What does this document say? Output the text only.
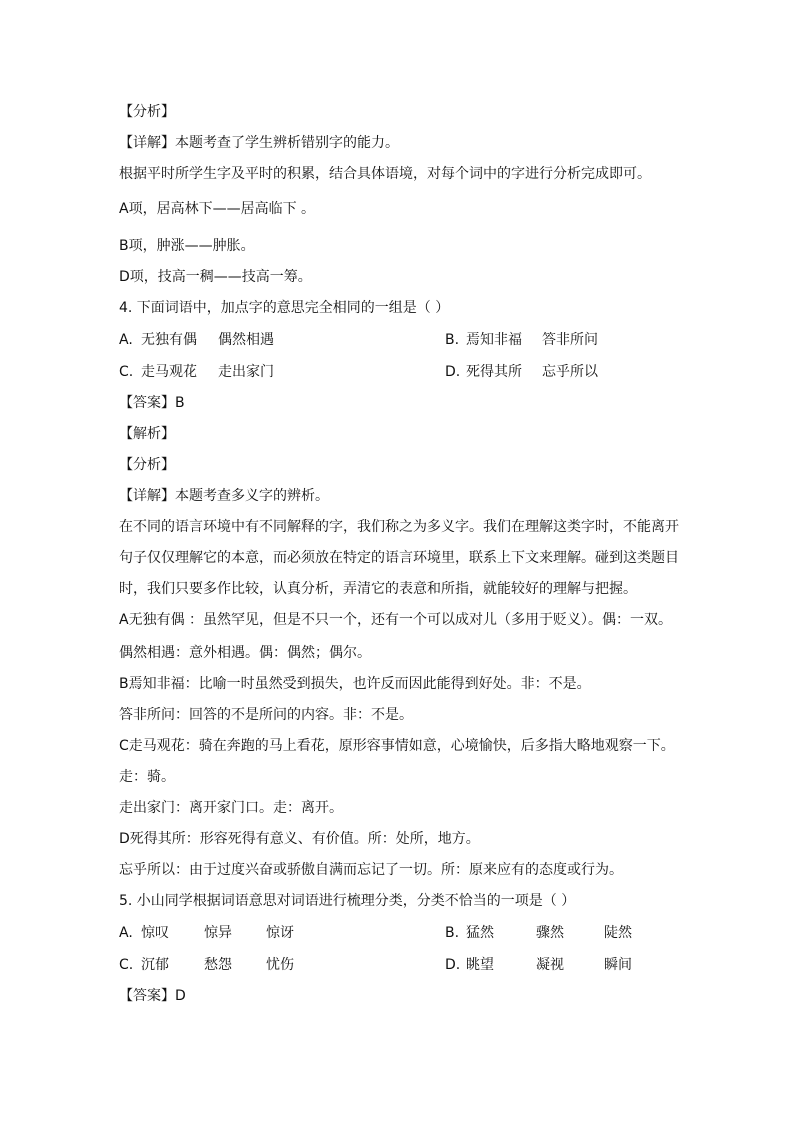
【分析】
【详解】本题考查了学生辨析错别字的能力。
根据平时所学生字及平时的积累，结合具体语境，对每个词中的字进行分析完成即可。
A项，居高林下——居高临下 。
B项，肿涨——肿胀。
D项，技高一稠——技高一筹。
4. 下面词语中，加点字的意思完全相同的一组是（ ）
A. 无独有偶 偶然相遇	B. 焉知非福 答非所问
C. 走马观花 走出家门	D. 死得其所 忘乎所以
【答案】B
【解析】
【分析】
【详解】本题考查多义字的辨析。
在不同的语言环境中有不同解释的字，我们称之为多义字。我们在理解这类字时，不能离开
句子仅仅理解它的本意，而必须放在特定的语言环境里，联系上下文来理解。碰到这类题目
时，我们只要多作比较，认真分析，弄清它的表意和所指，就能较好的理解与把握。
A无独有偶 ：虽然罕见，但是不只一个，还有一个可以成对儿（多用于贬义）。偶：一双。
偶然相遇：意外相遇。偶：偶然；偶尔。
B焉知非福：比喻一时虽然受到损失，也许反而因此能得到好处。非：不是。
答非所问：回答的不是所问的内容。非：不是。
C走马观花：骑在奔跑的马上看花，原形容事情如意，心境愉快，后多指大略地观察一下。
走：骑。
走出家门：离开家门口。走：离开。
D死得其所：形容死得有意义、有价值。所：处所，地方。
忘乎所以：由于过度兴奋或骄傲自满而忘记了一切。所：原来应有的态度或行为。
5. 小山同学根据词语意思对词语进行梳理分类，分类不恰当的一项是（ ）
A. 惊叹	惊异 惊讶	B. 猛然	骤然	陡然
C. 沉郁	愁怨 忧伤	D. 眺望	凝视	瞬间
【答案】D
